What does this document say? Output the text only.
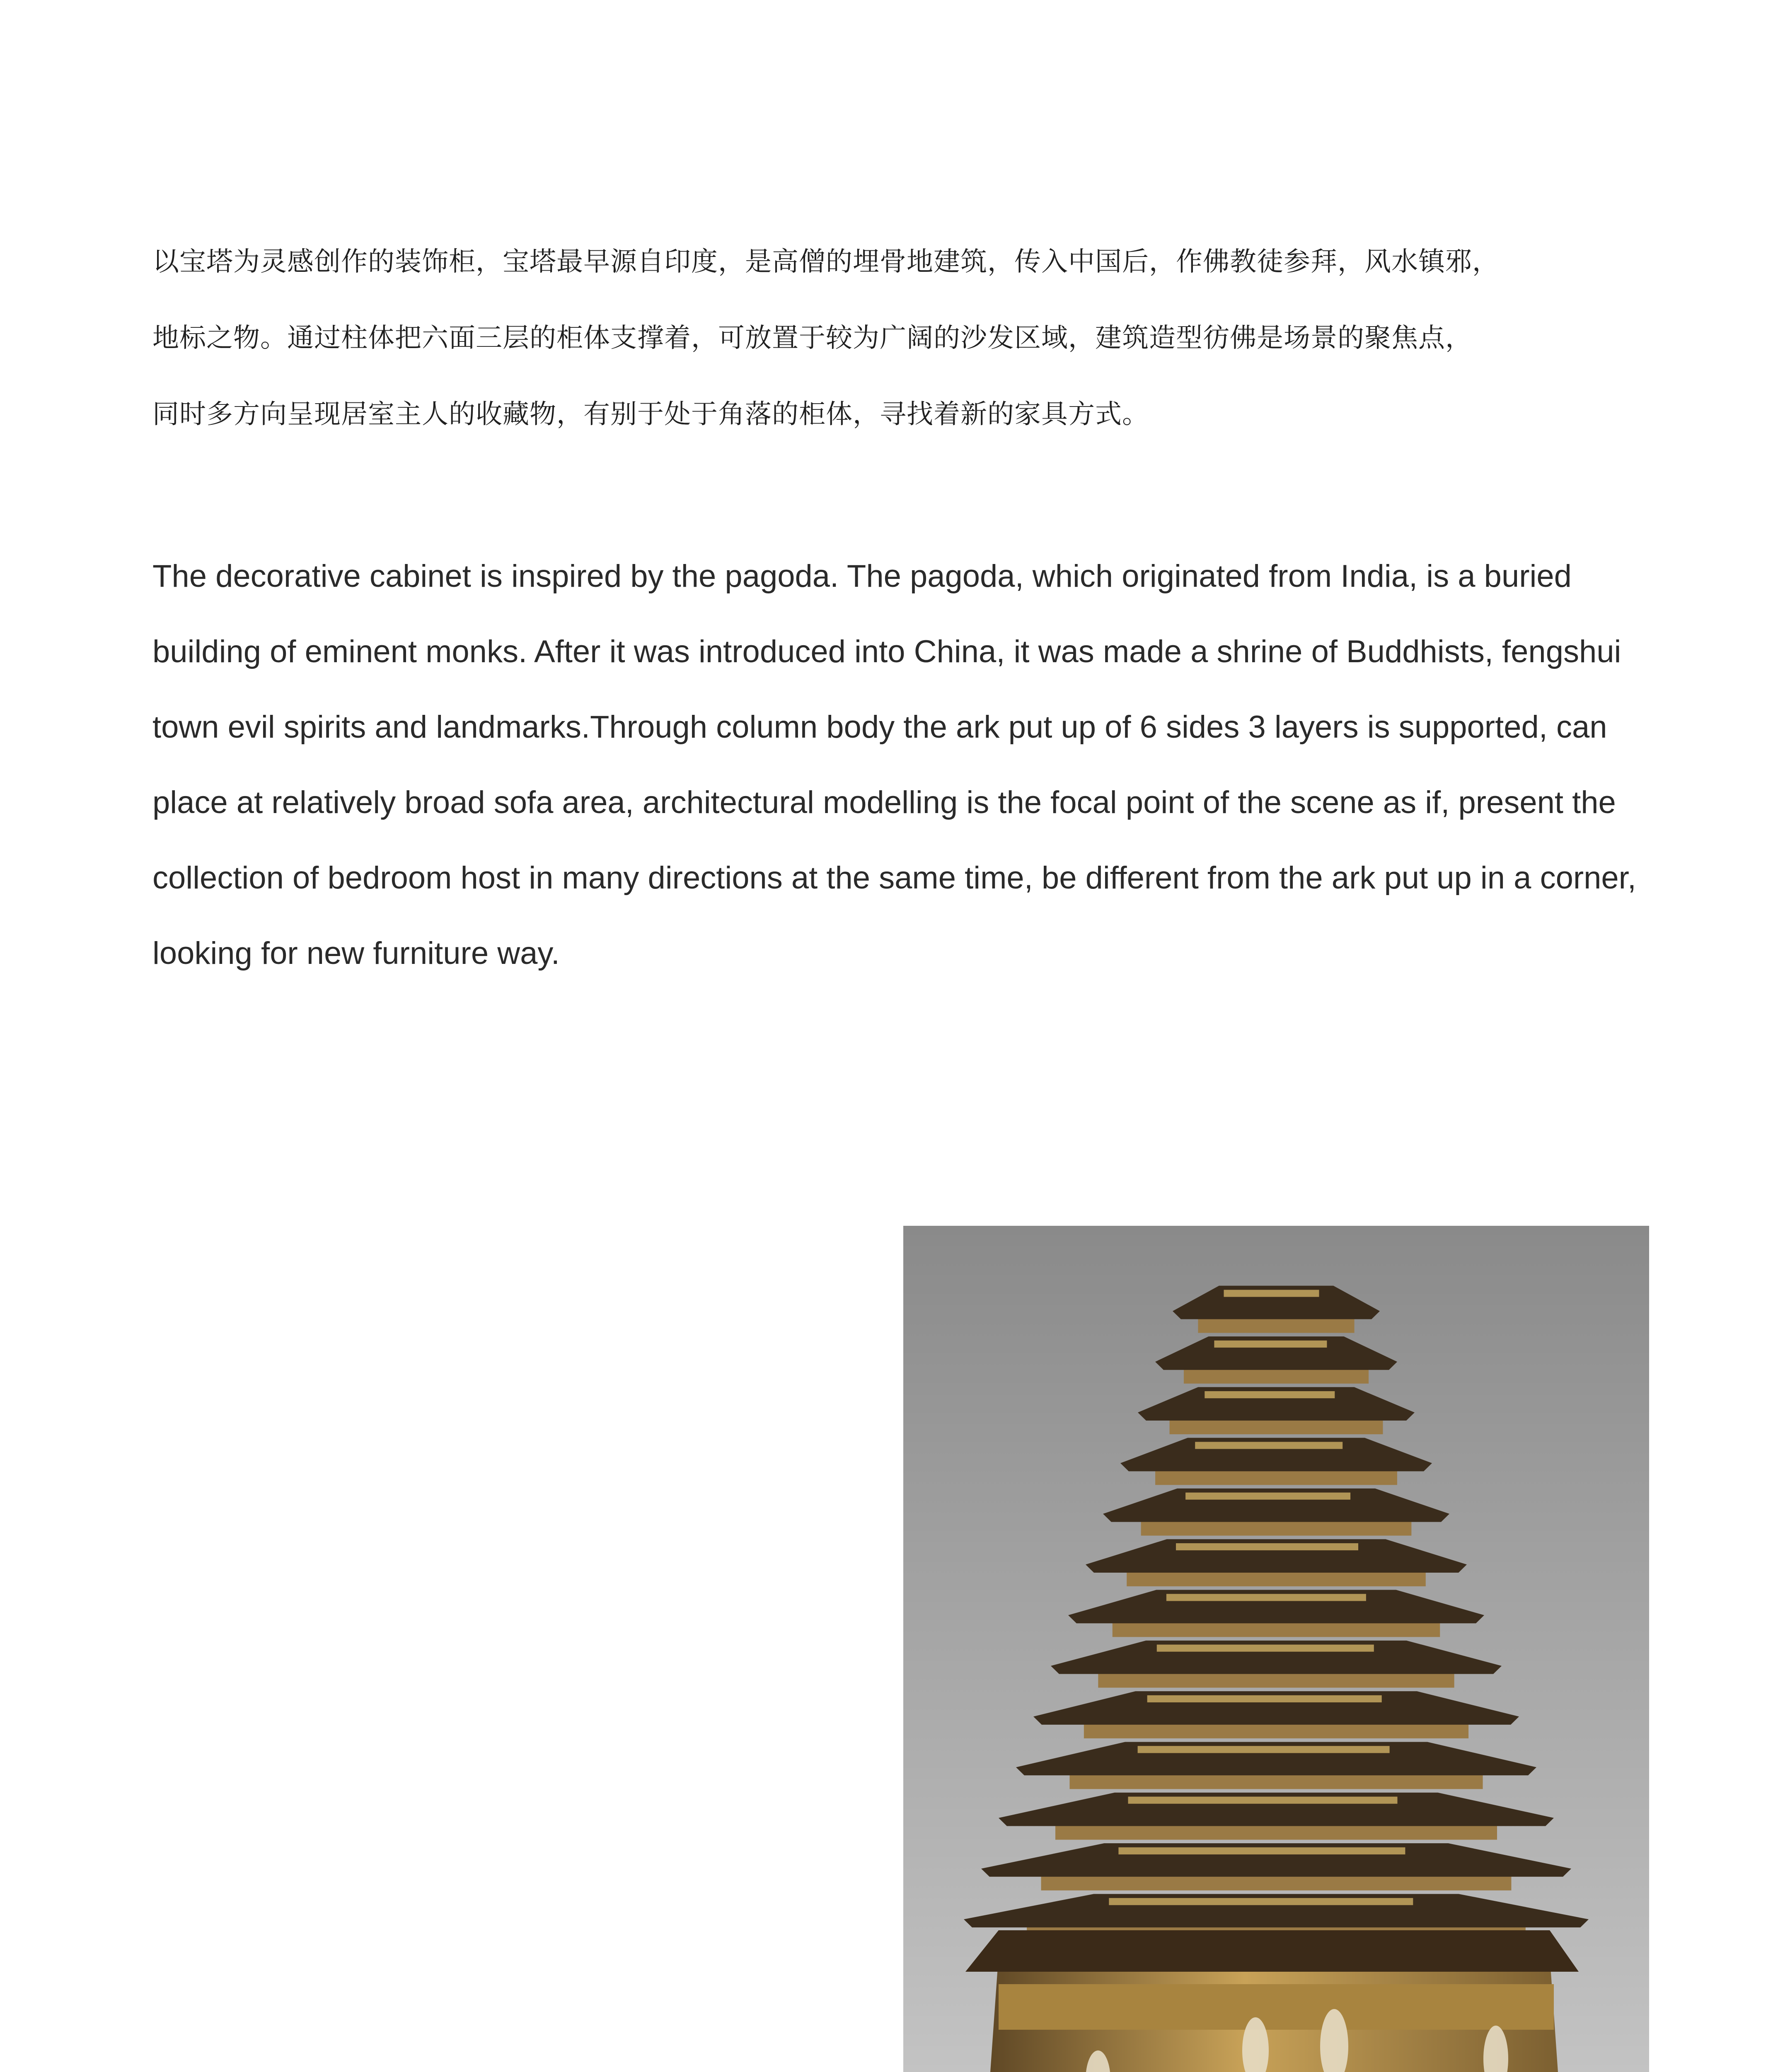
以宝塔为灵感创作的装饰柜，宝塔最早源自印度，是高僧的埋骨地建筑，传入中国后，作佛教徒参拜，风水镇邪，

地标之物。通过柱体把六面三层的柜体支撑着，可放置于较为广阔的沙发区域，建筑造型彷佛是场景的聚焦点，

同时多方向呈现居室主人的收藏物，有别于处于角落的柜体，寻找着新的家具方式。

The decorative cabinet is inspired by the pagoda. The pagoda, which originated from India, is a buried

building of eminent monks. After it was introduced into China, it was made a shrine of Buddhists, fengshui

town evil spirits and landmarks.Through column body the ark put up of 6 sides 3 layers is supported, can

place at relatively broad sofa area, architectural modelling is the focal point of the scene as if, present the

collection of bedroom host in many directions at the same time, be different from the ark put up in a corner,

looking for new furniture way.
